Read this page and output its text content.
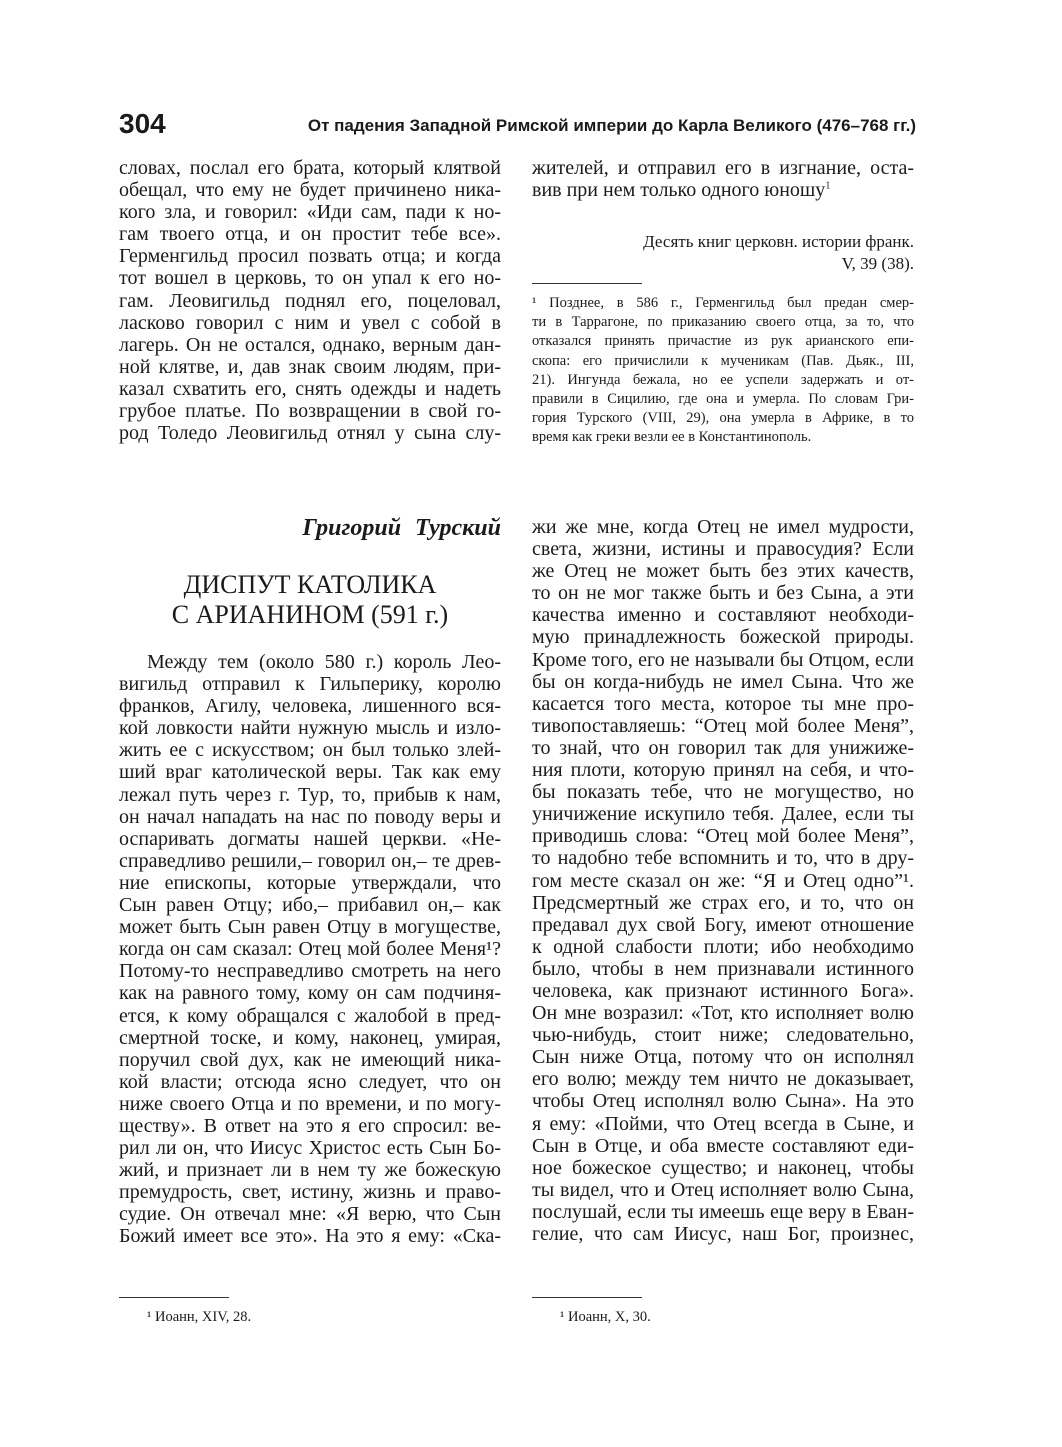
304	От падения Западной Римской империи до Карла Великого (476–768 гг.)
словах, послал его брата, который клятвой
обещал, что ему не будет причинено ника-
кого зла, и говорил: «Иди сам, пади к но-
гам твоего отца, и он простит тебе все».
Герменгильд просил позвать отца; и когда
тот вошел в церковь, то он упал к его но-
гам. Леовигильд поднял его, поцеловал,
ласково говорил с ним и увел с собой в
лагерь. Он не остался, однако, верным дан-
ной клятве, и, дав знак своим людям, при-
казал схватить его, снять одежды и надеть
грубое платье. По возвращении в свой го-
род Толедо Леовигильд отнял у сына слу-
жителей, и отправил его в изгнание, оста-
вив при нем только одного юношу$^1$
Десять книг церковн. истории франк.
V, 39 (38).
¹ Позднее, в 586 г., Герменгильд был предан смер-
ти в Таррагоне, по приказанию своего отца, за то, что
отказался принять причастие из рук арианского епи-
скопа: его причислили к мученикам (Пав. Дьяк., III,
21). Ингунда бежала, но ее успели задержать и от-
правили в Сицилию, где она и умерла. По словам Гри-
гория Турского (VIII, 29), она умерла в Африке, в то
время как греки везли ее в Константинополь.
Григорий Турский
ДИСПУТ КАТОЛИКА
С АРИАНИНОМ (591 г.)
Между тем (около 580 г.) король Лео-
вигильд отправил к Гильперику, королю
франков, Агилу, человека, лишенного вся-
кой ловкости найти нужную мысль и изло-
жить ее с искусством; он был только злей-
ший враг католической веры. Так как ему
лежал путь через г. Тур, то, прибыв к нам,
он начал нападать на нас по поводу веры и
оспаривать догматы нашей церкви. «Не-
справедливо решили,– говорил он,– те древ-
ние епископы, которые утверждали, что
Сын равен Отцу; ибо,– прибавил он,– как
может быть Сын равен Отцу в могуществе,
когда он сам сказал: Отец мой более Меня¹?
Потому-то несправедливо смотреть на него
как на равного тому, кому он сам подчиня-
ется, к кому обращался с жалобой в пред-
смертной тоске, и кому, наконец, умирая,
поручил свой дух, как не имеющий ника-
кой власти; отсюда ясно следует, что он
ниже своего Отца и по времени, и по могу-
ществу». В ответ на это я его спросил: ве-
рил ли он, что Иисус Христос есть Сын Бо-
жий, и признает ли в нем ту же божескую
премудрость, свет, истину, жизнь и право-
судие. Он отвечал мне: «Я верю, что Сын
Божий имеет все это». На это я ему: «Ска-
жи же мне, когда Отец не имел мудрости,
света, жизни, истины и правосудия? Если
же Отец не может быть без этих качеств,
то он не мог также быть и без Сына, а эти
качества именно и составляют необходи-
мую принадлежность божеской природы.
Кроме того, его не называли бы Отцом, если
бы он когда-нибудь не имел Сына. Что же
касается того места, которое ты мне про-
тивопоставляешь: “Отец мой более Меня”,
то знай, что он говорил так для унижиже-
ния плоти, которую принял на себя, и что-
бы показать тебе, что не могущество, но
уничижение искупило тебя. Далее, если ты
приводишь слова: “Отец мой более Меня”,
то надобно тебе вспомнить и то, что в дру-
гом месте сказал он же: “Я и Отец одно”¹.
Предсмертный же страх его, и то, что он
предавал дух свой Богу, имеют отношение
к одной слабости плоти; ибо необходимо
было, чтобы в нем признавали истинного
человека, как признают истинного Бога».
Он мне возразил: «Тот, кто исполняет волю
чью-нибудь, стоит ниже; следовательно,
Сын ниже Отца, потому что он исполнял
его волю; между тем ничто не доказывает,
чтобы Отец исполнял волю Сына». На это
я ему: «Пойми, что Отец всегда в Сыне, и
Сын в Отце, и оба вместе составляют еди-
ное божеское существо; и наконец, чтобы
ты видел, что и Отец исполняет волю Сына,
послушай, если ты имеешь еще веру в Еван-
гелие, что сам Иисус, наш Бог, произнес,
¹ Иоанн, XIV, 28.	¹ Иоанн, X, 30.
